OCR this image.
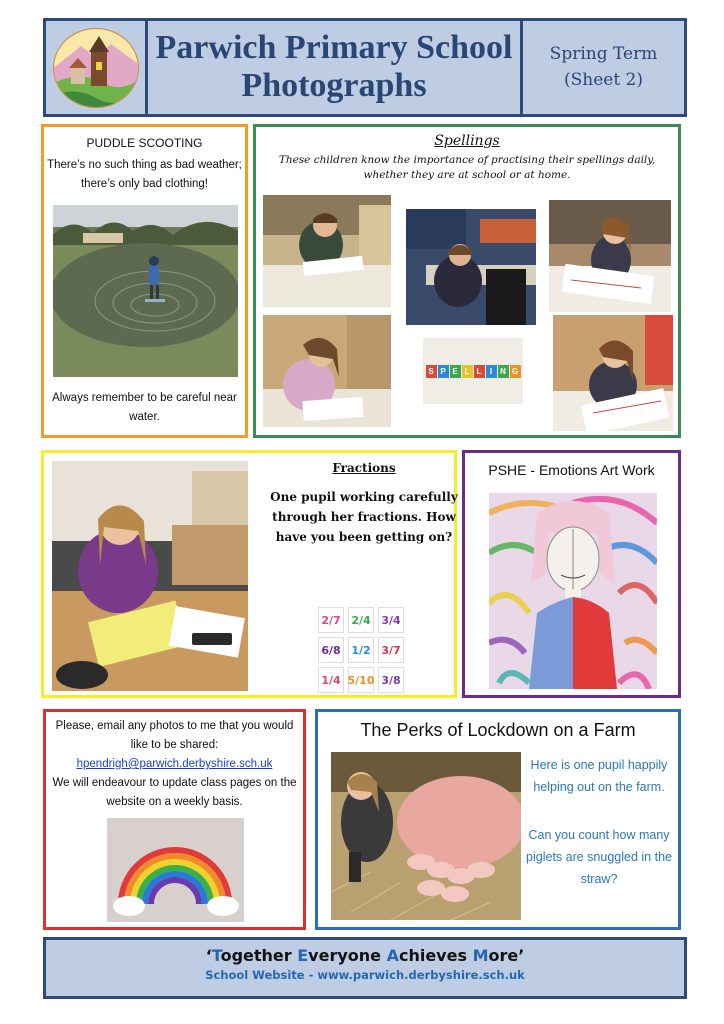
Parwich Primary School
Photographs
Spring Term
(Sheet 2)
PUDDLE SCOOTING
There’s no such thing as bad weather; there’s only bad clothing!
Always remember to be careful near water.
Spellings
These children know the importance of practising their spellings daily, whether they are at school or at home.
S P E L L	I	N G
Fractions
One pupil working carefully through her fractions. How have you been getting on?
2/7 2/4 3/4
6/8 1/2 3/7
1/4 5/10 3/8
PSHE - Emotions Art Work
Please, email any photos to me that you would like to be shared:
hpendrigh@parwich.derbyshire.sch.uk
We will endeavour to update class pages on the website on a weekly basis.
The Perks of Lockdown on a Farm
Here is one pupil happily helping out on the farm.
Can you count how many piglets are snuggled in the straw?
‘Together Everyone Achieves More’
School Website - www.parwich.derbyshire.sch.uk
